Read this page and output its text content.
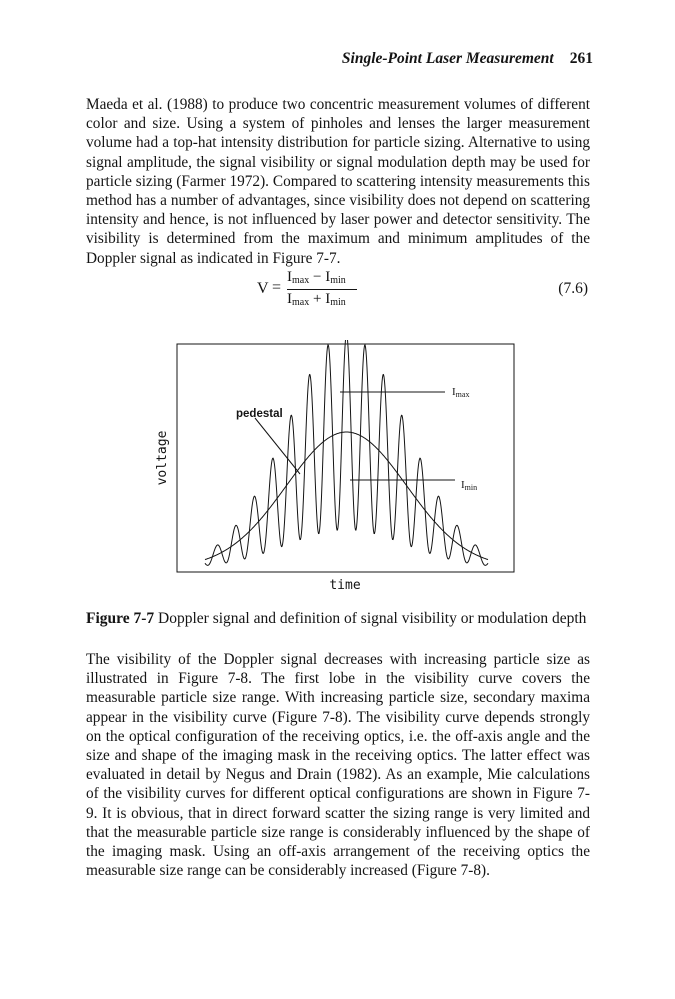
Single-Point Laser Measurement 261

Maeda et al. (1988) to produce two concentric measurement volumes of different color and size. Using a system of pinholes and lenses the larger measurement volume had a top-hat intensity distribution for particle sizing. Alternative to using signal amplitude, the signal visibility or signal modulation depth may be used for particle sizing (Farmer 1972). Compared to scattering intensity measurements this method has a number of advantages, since visibility does not depend on scattering intensity and hence, is not influenced by laser power and detector sensitivity. The visibility is determined from the maximum and minimum amplitudes of the Doppler signal as indicated in Figure 7-7.

V =
$I_{max} - I_{min}$
$I_{max} + I_{min}$
(7.6)
pedestal
Imax
Imin
voltage
time

Figure 7-7 Doppler signal and definition of signal visibility or modulation depth

The visibility of the Doppler signal decreases with increasing particle size as illustrated in Figure 7-8. The first lobe in the visibility curve covers the measurable particle size range. With increasing particle size, secondary maxima appear in the visibility curve (Figure 7-8). The visibility curve depends strongly on the optical configuration of the receiving optics, i.e. the off-axis angle and the size and shape of the imaging mask in the receiving optics. The latter effect was evaluated in detail by Negus and Drain (1982). As an example, Mie calculations of the visibility curves for different optical configurations are shown in Figure 7-9. It is obvious, that in direct forward scatter the sizing range is very limited and that the measurable particle size range is considerably influenced by the shape of the imaging mask. Using an off-axis arrangement of the receiving optics the measurable size range can be considerably increased (Figure 7-8).
